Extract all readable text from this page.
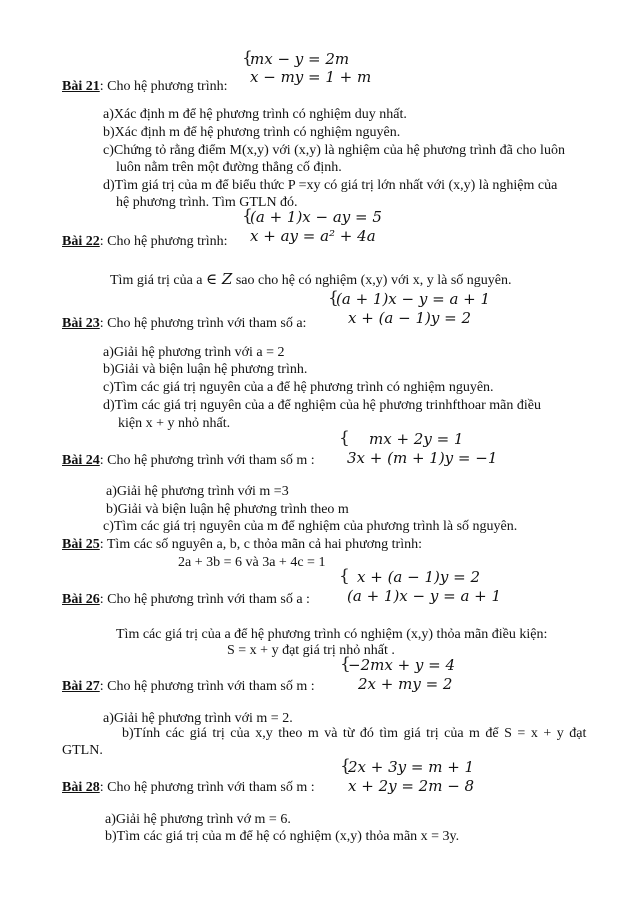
{
mx − y = 2m
x − my = 1 + m
Bài 21: Cho hệ phương trình:
a)Xác định m để hệ phương trình có nghiệm duy nhất.
b)Xác định m để hệ phương trình có nghiệm nguyên.
c)Chứng tỏ rằng điểm M(x,y) với (x,y) là nghiệm của hệ phương trình đã cho luôn
luôn nằm trên một đường thẳng cố định.
d)Tìm giá trị của m để biểu thức P =xy có giá trị lớn nhất với (x,y) là nghiệm của
hệ phương trình. Tìm GTLN đó.
{
(a + 1)x − ay = 5
x + ay = a² + 4a
Bài 22: Cho hệ phương trình:
Tìm giá trị của a ∈ Z sao cho hệ có nghiệm (x,y) với x, y là số nguyên.
{
(a + 1)x − y = a + 1
x + (a − 1)y = 2
Bài 23: Cho hệ phương trình với tham số a:
a)Giải hệ phương trình với a = 2
b)Giải và biện luận hệ phương trình.
c)Tìm các giá trị nguyên của a để hệ phương trình có nghiệm nguyên.
d)Tìm các giá trị nguyên của a để nghiệm của hệ phương trinhfthoar mãn điều
kiện x + y nhỏ nhất.
{ mx + 2y = 1
3x + (m + 1)y = −1
Bài 24: Cho hệ phương trình với tham số m :
a)Giải hệ phương trình với m =3
b)Giải và biện luận hệ phương trình theo m
c)Tìm các giá trị nguyên của m để nghiệm của phương trình là số nguyên.
Bài 25: Tìm các số nguyên a, b, c thỏa mãn cả hai phương trình:
2a + 3b = 6 và 3a + 4c = 1
{ x + (a − 1)y = 2
(a + 1)x − y = a + 1
Bài 26: Cho hệ phương trình với tham số a :
Tìm các giá trị của a để hệ phương trình có nghiệm (x,y) thỏa mãn điều kiện:
S = x + y đạt giá trị nhỏ nhất .
{
−2mx + y = 4
2x + my = 2
Bài 27: Cho hệ phương trình với tham số m :
a)Giải hệ phương trình với m = 2.
b)Tính các giá trị của x,y theo m và từ đó tìm giá trị của m để S = x + y đạt
GTLN.
{
2x + 3y = m + 1
x + 2y = 2m − 8
Bài 28: Cho hệ phương trình với tham số m :
a)Giải hệ phương trình vớ m = 6.
b)Tìm các giá trị của m để hệ có nghiệm (x,y) thỏa mãn x = 3y.
